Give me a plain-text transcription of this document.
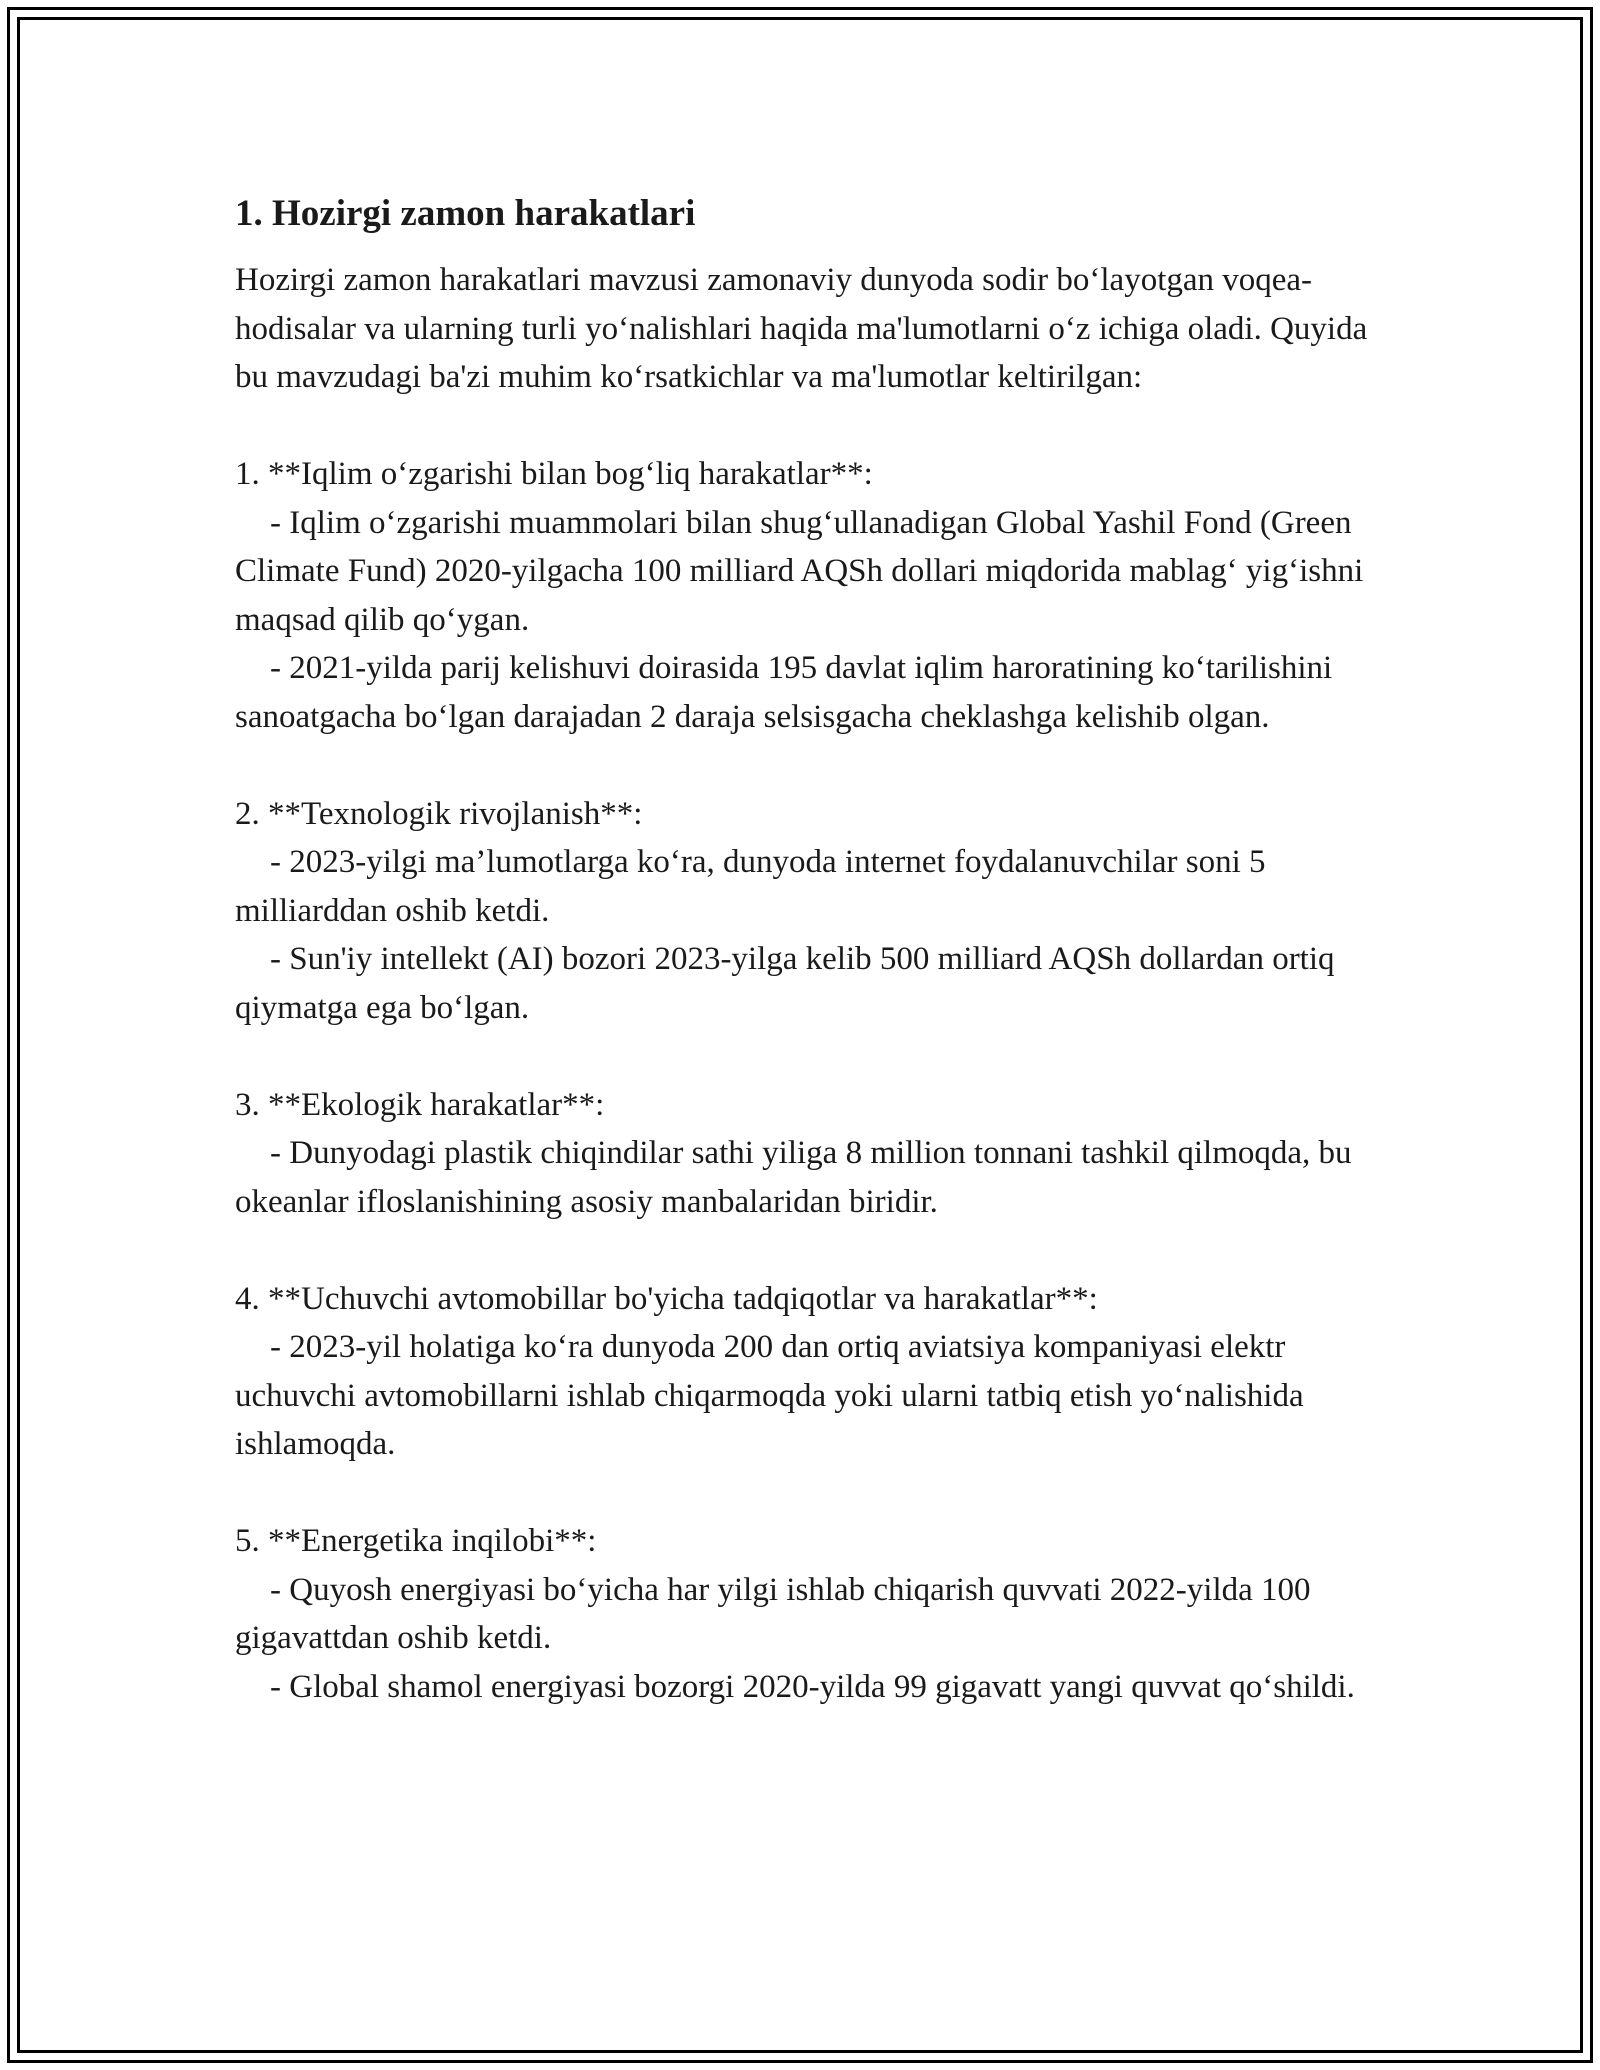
1. Hozirgi zamon harakatlari

Hozirgi zamon harakatlari mavzusi zamonaviy dunyoda sodir bo‘layotgan voqea-hodisalar va ularning turli yo‘nalishlari haqida ma'lumotlarni o‘z ichiga oladi. Quyida bu mavzudagi ba'zi muhim ko‘rsatkichlar va ma'lumotlar keltirilgan:

1. **Iqlim o‘zgarishi bilan bog‘liq harakatlar**:

- Iqlim o‘zgarishi muammolari bilan shug‘ullanadigan Global Yashil Fond (Green Climate Fund) 2020-yilgacha 100 milliard AQSh dollari miqdorida mablag‘ yig‘ishni maqsad qilib qo‘ygan.

- 2021-yilda parij kelishuvi doirasida 195 davlat iqlim haroratining ko‘tarilishini sanoatgacha bo‘lgan darajadan 2 daraja selsisgacha cheklashga kelishib olgan.

2. **Texnologik rivojlanish**:

- 2023-yilgi ma’lumotlarga ko‘ra, dunyoda internet foydalanuvchilar soni 5 milliarddan oshib ketdi.

- Sun'iy intellekt (AI) bozori 2023-yilga kelib 500 milliard AQSh dollardan ortiq qiymatga ega bo‘lgan.

3. **Ekologik harakatlar**:

- Dunyodagi plastik chiqindilar sathi yiliga 8 million tonnani tashkil qilmoqda, bu okeanlar ifloslanishining asosiy manbalaridan biridir.

4. **Uchuvchi avtomobillar bo'yicha tadqiqotlar va harakatlar**:

- 2023-yil holatiga ko‘ra dunyoda 200 dan ortiq aviatsiya kompaniyasi elektr uchuvchi avtomobillarni ishlab chiqarmoqda yoki ularni tatbiq etish yo‘nalishida ishlamoqda.

5. **Energetika inqilobi**:

- Quyosh energiyasi bo‘yicha har yilgi ishlab chiqarish quvvati 2022-yilda 100 gigavattdan oshib ketdi.

- Global shamol energiyasi bozorgi 2020-yilda 99 gigavatt yangi quvvat qo‘shildi.
